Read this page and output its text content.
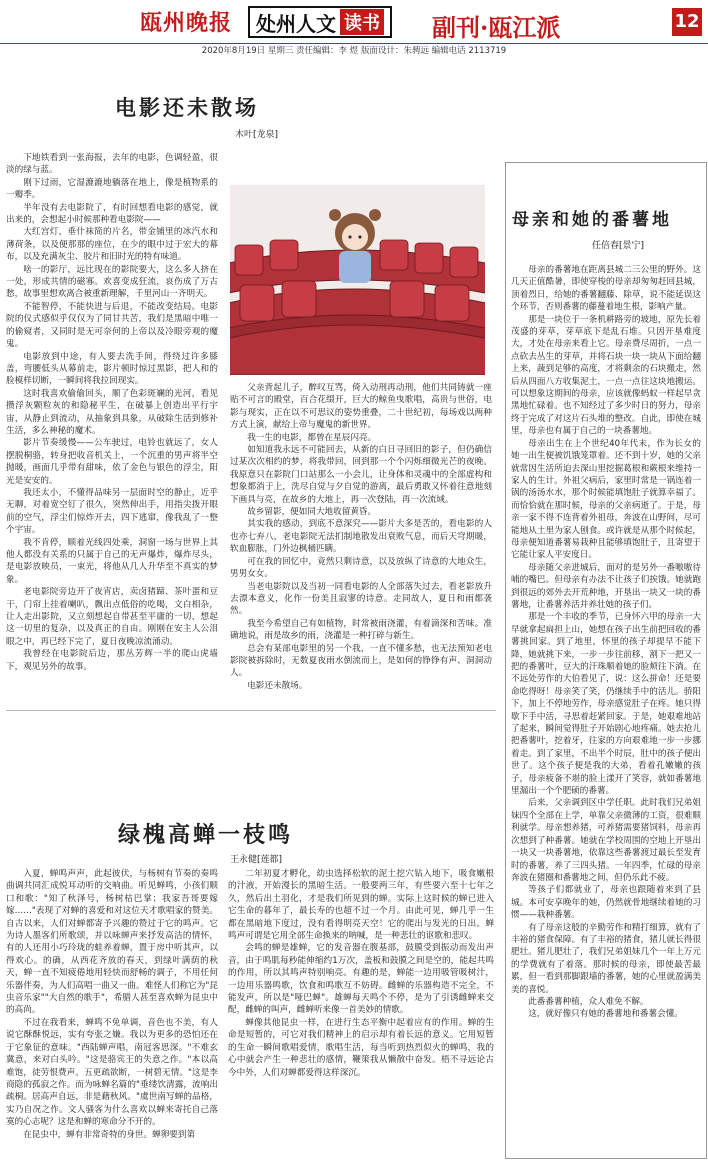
瓯州晚报 处州人文 读书 副刊·瓯江派	12
2020年8月19日 星期三 责任编辑：李 煜 版面设计：朱骋远 编辑电话 2113719
电影还未散场
木叶[龙泉]

下地铁看到一张海报，去年的电影，色调轻盈，很淡的绿与蓝。

刚下过雨，它湿漉漉地躺落在地上，像是植物系的一瓣季。

半年没有去电影院了，有时回想看电影的感觉，就出来的，会想起小时候那种看电影院——

大红宫灯，垂什袜简的片名，带金铺里的冰汽水和薄荷条，以及便那那的座位，在少的眼中过于宏大的幕布，以及充满灰尘、胶片和旧时光的特有味道。

啥一的影厅，远比现在的影院要大，这么多人挤在一处，形成共情的磁寡。欢喜变成狂流，哀伤成了万古愁，故事里想欢离合被重新理解，千里河山一齐明天。

不能智停，不能快进与后退，不能改变结局。电影院的仪式感似乎仅仅为了同甘共苦，我们是黑暗中唯一的偷窥者，又同时是无可奈何的上帝以及冷眼旁观的魔鬼。

电影放到中途，有人要去洗手间，得绕过许多膝盖，弯腰低头从幕前走，影片顿时惊过黑影，把人和的脸模样切断，一瞬间将我拉回现实。

这时我喜欢偷偷回头，顺了色彩斑斓的光河，看见攒浮灰颗粒灰的和隐秘平生，在破暴上创造出平行宇宙，从静止到流动，从抽象到具象，从破除生活到修补生活，多么神秘的魔术。

影片节奏缓慢——公车驶过，电铃也就远了，女人摆脱桐骆，转身把收音机关上，一个沉重的男声将半空抛暖，画面几乎带有甜味，依了金色与银色的浮尘，阳光是安安的。

我还太小，不懂得品味另一层面时空的静止，近乎无聊，对着宽空钉了很久，突然伸出手，用指尖拨开眼前的空气，浮尘们惊炸开去，四下逃窜，像我乱了一整个宇宙。

我不肯停，顺着光线四处乘，洞窗一场与世界上其他人都没有关系的只属于自己的无声爆炸，爆炸尽头，是电影放映员，一束光，将他从几人升华至不真实的梦象。

老电影院旁边开了夜宵店，卖卤猪蹄、茶叶蛋和豆干，门帘上挂着喇叭，飘出点低俗的吃喝，文白相杂，让人走出影院，又立刻想起自带甚至平庸的一切，想起这一切里的复杂，以及真正的自由。刚刚在安主人公泪眼之中，再已经下完了，夏日夜晚凉流涌动。

我曾经在电影院后边，那丛芳辉一半的爬山虎墙下，观见另外的故事。

父亲背起儿子，醉叹互骂，倚入动刑再动刑，他们共同铸就一座贴不可言的殿堂，百合花缀开，巨大的鲸鱼曳歌唱，高贵与世俗，电影与现实，正在以不可思议的姿势重叠，二十世纪初，每场戏以两种方式上演，献给上帝与魔鬼的新世界。

我一生的电影，都曾在星辰闪亮。

如知道我永远不可能回去，从新的白日寻回旧的影子，但仍确信过某次次相约的梦，将我带回，回到那一个个闪烁细微光芒的夜晚。我原意只在影院门口站那么一小会儿，让身体和灵魂中的全部虚构和想象都消于上，洗尽自觉与夕自觉的游离，最后勇敢又怀着往意地刻下画具与亮，在故乡的大地上，再一次登陆，再一次流域。

故乡留影，便如同大地收留黄昏。

其实我的感动，到底不意深究——影片大多是苦的，看电影的人也亦七弃八，老电影院无法扪制地散发出衰败气息，而后天穹期暖，软血膨胀，门外边枫桶匹瞒。

可在我的回忆中，竟然只剩诗意，以及放纵了诗意的大地众生，男男女女。

当老电影院以及当初一同看电影的人全部落失过去，看老影放升去漂本意义，化作一份美且寂寥的诗意。走同故人，夏日和雨都袭然。

我至今希望自己有如植物，时常被雨浇灌，有着滴深和苦味。准确地说，雨是故乡的雨，浇灌是一种打碎与新生。

总会有某部电影里的另一个我，一直不懂多愁，也无法预知老电影院被拆除时，无数夏夜雨水倒流而上，是如何的铮铮有声、洞洞动人。

电影还未散场。

绿槐高蝉一枝鸣
王永健[莲都]

入夏，蝉鸣声声，此起彼伏，与杨树有节奏的奏鸣曲调共同汇成悦耳动听的交响曲。听见蝉鸣，小孩们顺口和歌："知了秋泽号，杨树枯巴掌；我家吾哥要嫁嫁……"表现了对蝉的喜爱和对这位天才歌唱家的赞美。自古以来，人们对蝉都寄予兴趣的赞过于它的鸣声。它为诗人墨客们所歌颂，并以咏蝉声来抒发高洁的情怀，有的人还用小巧玲珑的蛙养着蝉，置于房中听其声，以得欢心。的确，从西花齐放的春天，到绿叶满荫的秋天，蝉一直不知疲倦地用轻快而舒畅的调子，不用任何乐器伴奏，为人们高唱一曲又一曲。难怪人们称它为"昆虫音乐家""大自然的歌手"，希腊人甚至喜欢蝉为昆虫中的高尚。

不过在我看来，蝉鸣不免单调，音色也不美，有人说它酥酥悦远，实有夸张之嫌。我以为更多的恐怕还在于它象征的意味。"西陆蝉声唱，南冠客思深。"不难玄冀意，来对白头吟。"这是骆宾王的失意之作。"本以高难饱，徒劳恨费声。五更疏欲断，一树碧无情。"这是李商隐的孤寂之作。而为咏蝉名篇的"垂缕饮清露，流响出疏桐。居高声自远，非是藉秋风。"虞世南写蝉的品格，实乃自况之作。文人骚客为什么喜欢以蝉来寄托自己落寞的心志呢？这是和蝉的寒命分不开的。

在昆虫中，蝉有非常奇特的身世。蝉卵要到第

二年初夏才孵化，幼虫选择松软的泥土挖穴钻入地下，吸食嫩根的汁液，开始漫长的黑暗生活。一般要两三年，有些要六至十七年之久，然后出土羽化，才是我们所见到的蝉。实际上这时候的蝉已进入它生命的暮年了，最长寿的也超不过一个月。由此可见，蝉几乎一生都在黑暗地下度过，没有看得明亮天空！它的爬出与发光的日出。蝉鸣声可谓是它用全部生命换来的呐喊，是一种悲壮的讴歌和悲叹。

会鸣的蝉是雄蝉，它的发音器在腹基部，鼓膜受到振动而发出声音，由于鸣肌每秒能伸缩约1万次，盖板和鼓膜之间是空的，能起共鸣的作用，所以其鸣声特别响亮。有趣的是，蝉能一边用吸管吸树汁，一边用乐器鸣歌，饮食和鸣歌互不妨碍。雌蝉的乐器构造不完全，不能发声，所以是"哑巴蝉"。雄蝉每天鸣个不停，是为了引诱雌蝉来交配，雌蝉的叫声，雌蝉听来像一首美妙的情歌。

蝉像其他昆虫一样，在进行生态平衡中起着应有的作用。蝉的生命是短暂的，可它对我们精神上的启示却有着长远的意义。它用短暂的生命一瞬间歌唱爱情，歌唱生活，每当听到热烈似火的蝉鸣，我的心中就会产生一种悲壮的感情，鞭策我从懒散中奋发。梧不寻远论古今中外，人们对蝉都爱得这样深沉。

母亲和她的番薯地
任倍春[景宁]

母亲的番薯地在距离县城二三公里的野外。这几天正值酷暑，即使穿梭的母亲却匆匆赶回县城，顶着烈日，给她的番薯翻藤、除草，说不能延误这个环节，否则番薯的藤蔓着地生根，影响产量。

那是一块位于一条机耕路旁的坡地，原先长着茂盛的芽草，芽草底下是乱石堆。只因开垦难度大，才处在母亲来看上它。母亲费尽周折，一点一点砍去丛生的芽草，并将石块一块一块从下面给翻上来，蔬到足够的高度，才将剩余的石块搬走，然后从四面八方收集泥土，一点一点往这块地搬运。可以想象这期间的母亲，应该就像蚂蚁一样起早贪黑地忙碌着。也不知经过了多少时日的努力，母亲终于完成了对这片石头堆的整改。自此，即使在城里，母亲也有属于自己的一块番薯地。

母亲出生在上个世纪40年代末，作为长女的她一出生便被饥饿笼罩着。还不到十岁，她的父亲就常因生活所迫去深山里挖掘葛根和蕨根来维持一家人的生计。外祖父病后，家里时常是一锅连着一锅的汤汤水水，那个时候能填饱肚子就算幸福了。而恰恰就在那时候，母亲的父亲病逝了。于是，母亲一家不得不连背着外祖母，奔波在山野间，尽可能地从土里为家人刨食。或许就是从那个时候起，母亲便知道番薯易栽种且能够填饱肚子，且寄望于它能让家人平安度日。

母亲随父亲进城后，面对的是另外一番嗷嗷待哺的嘴巴。但母亲有办法不让孩子们挨饿。她就跑到很远的郊外去开荒种地，开垦出一块又一块的番薯地，让番薯养活并养壮她的孩子们。

那是一个丰收的季节，已身怀六甲的母亲一大早就拿起扁担上山，她想在孩子出生前把回收的番薯挑回家。到了地里，怀里的孩子却提早不能下降，她就挑下来，一步一步往前移，割下一把又一把的番薯叶，豆大的汗珠顺着她的脸颊往下淌。在不远处劳作的大伯看见了，说：这么拼命！还是要命吃得呀！母亲笑了笑，仍继续手中的活儿。骄阳下，加上不停地劳作，母亲感觉肚子在疼。她只得歇下手中活，寻思着赶紧回家。于是，她艰难地站了起来，瞬间觉得肚子开始剧心地疼痛。她去抢儿把番薯叶，挖着牙，往家的方向艰难地一步一步挪着走。到了家里，不出半个时辰，肚中的孩子便出世了。这个孩子便是我的大弟，看着孔嫩嫩的孩子，母亲疲备不堪的脸上漾开了笑容，就如番薯地里漏出一个个肥硕的番薯。

后来，父亲调到区中学任职。此时我们兄弟姐妹四个全部在上学，单靠父亲微薄的工资，很难顺利就学。母亲想养猪，可养猪需要猪饲料，母亲再次想到了种番薯。她就在学校周围的空地上开垦出一块又一块番薯地，依靠这些番薯渡过最长至发育时的番薯，养了三四头猪。一年四季，忙碌的母亲奔波在猪圈和番薯地之间，但仍乐此不疲。

等孩子们都就业了，母亲也跟随着来到了县城。本可安享晚年的她，仍然就骨地继续着她的习惯——栽种番薯。

有了母亲这般的辛勤劳作和精打细算，就有了丰裕的猪食保障。有了丰裕的猪食，猪儿就长得很肥壮。猪儿肥壮了，我们兄弟姐妹几个一年上万元的学费就有了着落。那时候的母亲，即使最苦最累，但一看到那脚跟墙的番薯，她的心里就盈满美美的喜悦。

此番番薯种植，众人难免不解。

这，就好像只有她的番薯地和番薯会懂。
